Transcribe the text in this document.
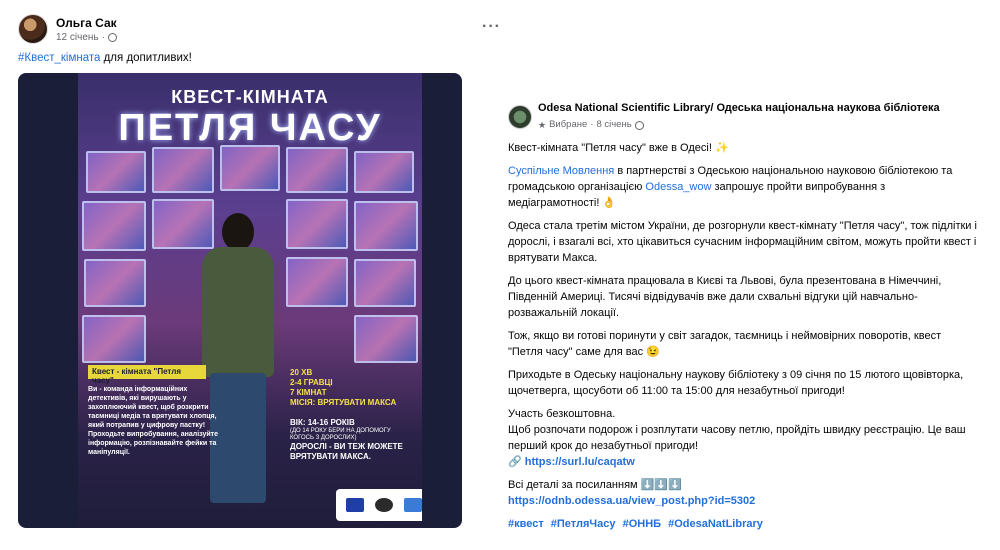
Ольга Сак
12 січень ·
···
#Квест_кімната для допитливих!
КВЕСТ-КІМНАТА
ПЕТЛЯ ЧАСУ
Квест - кімната "Петля часу"
Ви - команда інформаційних детективів, які вирушають у захоплюючий квест, щоб розкрити таємниці медіа та врятувати хлопця, який потрапив у цифрову пастку! Проходьте випробування, аналізуйте інформацію, розпізнавайте фейки та маніпуляції.
20 ХВ
2-4 ГРАВЦІ
7 КІМНАТ
МІСІЯ: ВРЯТУВАТИ МАКСА
ВІК: 14-16 РОКІВ
(ДО 14 РОКУ БЕРИ НА ДОПОМОГУ КОГОСЬ З ДОРОСЛИХ)
ДОРОСЛІ - ВИ ТЕЖ МОЖЕТЕ ВРЯТУВАТИ МАКСА.
Odesa National Scientific Library/ Одеська національна наукова бібліотека
★ Вибране · 8 січень
Квест-кімната "Петля часу" вже в Одесі! ✨
Суспільне Мовлення в партнерстві з Одеською національною науковою бібліотекою та громадською організацією Odessa_wow запрошує пройти випробування з медіаграмотності! 👌
Одеса стала третім містом України, де розгорнули квест-кімнату "Петля часу", тож підлітки і дорослі, і взагалі всі, хто цікавиться сучасним інформаційним світом, можуть пройти квест і врятувати Макса.
До цього квест-кімната працювала в Києві та Львові, була презентована в Німеччині, Південній Америці. Тисячі відвідувачів вже дали схвальні відгуки цій навчально-розважальній локації.
Тож, якщо ви готові поринути у світ загадок, таємниць і неймовірних поворотів, квест "Петля часу" саме для вас 😉
Приходьте в Одеську національну наукову бібліотеку з 09 січня по 15 лютого щовівторка, щочетверга, щосуботи об 11:00 та 15:00 для незабутньої пригоди!
Участь безкоштовна.
Щоб розпочати подорож і розплутати часову петлю, пройдіть швидку реєстрацію. Це ваш перший крок до незабутньої пригоди!
🔗 https://surl.lu/caqatw
Всі деталі за посиланням ⬇️⬇️⬇️
https://odnb.odessa.ua/view_post.php?id=5302
#квест #ПетляЧасу #ОННБ #OdesaNatLibrary
